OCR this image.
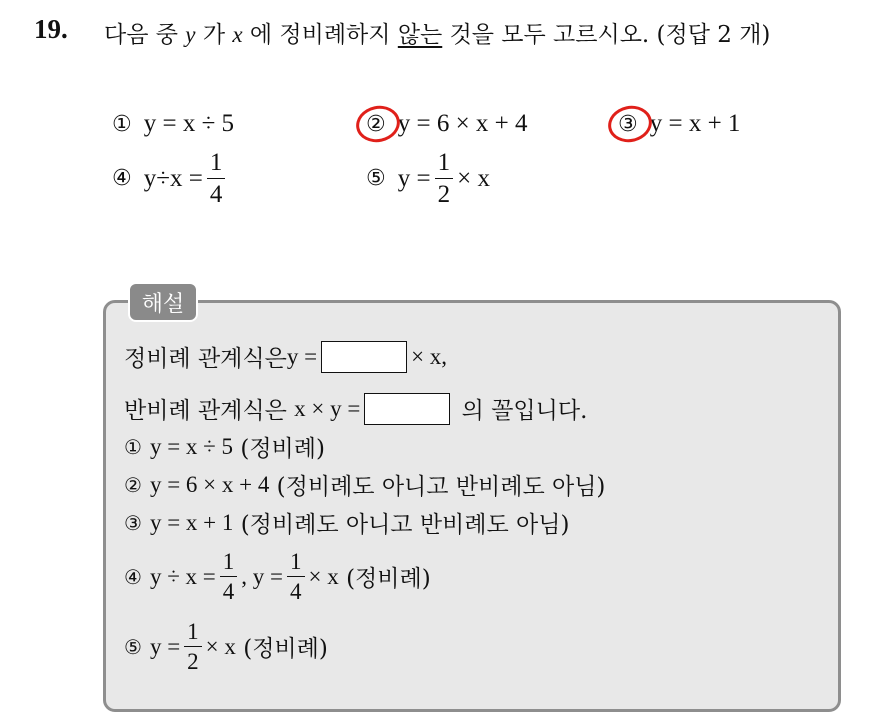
19. 다음 중 y 가 x 에 정비례하지 않는 것을 모두 고르시오. (정답 2 개)
① y = x ÷ 5	② y = 6 × x + 4	③ y = x + 1
④ $y\div x = \frac{1}{4}$	⑤ $y = \frac{1}{2} \times x$
해설
정비례 관계식은 y =	× x,
반비례 관계식은
x × y =
	의 꼴입니다.
① y = x ÷ 5
(정비례)
② y = 6 × x + 4
(정비례도 아니고 반비례도 아님)
③ y = x + 1
(정비례도 아니고 반비례도 아님)
④ $y \div x = \frac{1}{4}$ , $y = \frac{1}{4} \times x$
(정비례)
⑤ $y = \frac{1}{2} \times x$
(정비례)
